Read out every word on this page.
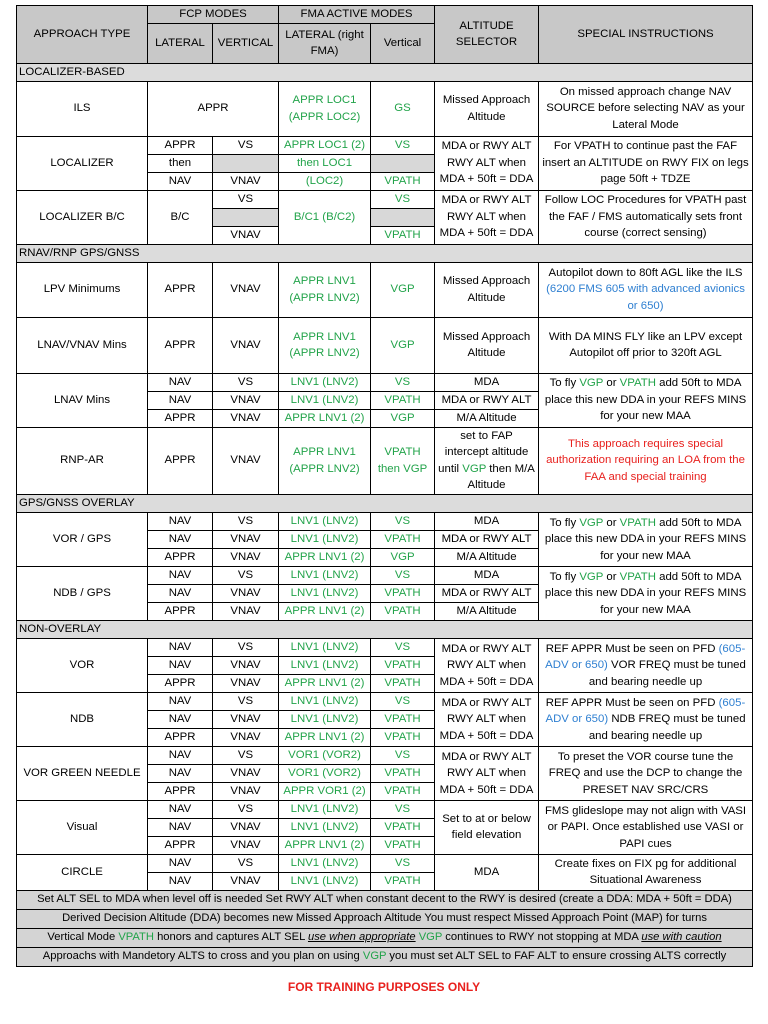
APPROACH TYPE	FCP MODES		FMA ACTIVE MODES		ALTITUDE SELECTOR	SPECIAL INSTRUCTIONS
	LATERAL	VERTICAL	LATERAL (right FMA)	Vertical		
LOCALIZER-BASED						
ILS	APPR		APPR LOC1 (APPR LOC2)	GS	Missed Approach Altitude	On missed approach change NAV SOURCE before selecting NAV as your Lateral Mode
LOCALIZER	APPR	VS	APPR LOC1 (2)	VS	MDA or RWY ALT RWY ALT when MDA + 50ft = DDA	For VPATH to continue past the FAF insert an ALTITUDE on RWY FIX on legs page 50ft + TDZE
	then		then LOC1			
	NAV	VNAV	(LOC2)	VPATH		
LOCALIZER B/C	B/C	VS	B/C1 (B/C2)	VS	MDA or RWY ALT RWY ALT when MDA + 50ft = DDA	Follow LOC Procedures for VPATH past the FAF / FMS automatically sets front course (correct sensing)

		VNAV		VPATH		
RNAV/RNP GPS/GNSS						
LPV Minimums	APPR	VNAV	APPR LNV1 (APPR LNV2)	VGP	Missed Approach Altitude	Autopilot down to 80ft AGL like the ILS (6200 FMS 605 with advanced avionics or 650)
LNAV/VNAV Mins	APPR	VNAV	APPR LNV1 (APPR LNV2)	VGP	Missed Approach Altitude	With DA MINS FLY like an LPV except Autopilot off prior to 320ft AGL
LNAV Mins	NAV	VS	LNV1 (LNV2)	VS	MDA	To fly VGP or VPATH add 50ft to MDA place this new DDA in your REFS MINS for your new MAA
	NAV	VNAV	LNV1 (LNV2)	VPATH	MDA or RWY ALT	
	APPR	VNAV	APPR LNV1 (2)	VGP	M/A Altitude	
RNP-AR	APPR	VNAV	APPR LNV1 (APPR LNV2)	VPATH then VGP	set to FAP intercept altitude until VGP then M/A Altitude	This approach requires special authorization requiring an LOA from the FAA and special training
GPS/GNSS OVERLAY						
VOR / GPS	NAV	VS	LNV1 (LNV2)	VS	MDA	To fly VGP or VPATH add 50ft to MDA place this new DDA in your REFS MINS for your new MAA
	NAV	VNAV	LNV1 (LNV2)	VPATH	MDA or RWY ALT	
	APPR	VNAV	APPR LNV1 (2)	VGP	M/A Altitude	
NDB / GPS	NAV	VS	LNV1 (LNV2)	VS	MDA	To fly VGP or VPATH add 50ft to MDA place this new DDA in your REFS MINS for your new MAA
	NAV	VNAV	LNV1 (LNV2)	VPATH	MDA or RWY ALT	
	APPR	VNAV	APPR LNV1 (2)	VPATH	M/A Altitude	
NON-OVERLAY						
VOR	NAV	VS	LNV1 (LNV2)	VS	MDA or RWY ALT RWY ALT when MDA + 50ft = DDA	REF APPR Must be seen on PFD (605-ADV or 650) VOR FREQ must be tuned and bearing needle up
	NAV	VNAV	LNV1 (LNV2)	VPATH		
	APPR	VNAV	APPR LNV1 (2)	VPATH		
NDB	NAV	VS	LNV1 (LNV2)	VS	MDA or RWY ALT RWY ALT when MDA + 50ft = DDA	REF APPR Must be seen on PFD (605-ADV or 650) NDB FREQ must be tuned and bearing needle up
	NAV	VNAV	LNV1 (LNV2)	VPATH		
	APPR	VNAV	APPR LNV1 (2)	VPATH		
VOR GREEN NEEDLE	NAV	VS	VOR1 (VOR2)	VS	MDA or RWY ALT RWY ALT when MDA + 50ft = DDA	To preset the VOR course tune the FREQ and use the DCP to change the PRESET NAV SRC/CRS
	NAV	VNAV	VOR1 (VOR2)	VPATH		
	APPR	VNAV	APPR VOR1 (2)	VPATH		
Visual	NAV	VS	LNV1 (LNV2)	VS	Set to at or below field elevation	FMS glideslope may not align with VASI or PAPI. Once established use VASI or PAPI cues
	NAV	VNAV	LNV1 (LNV2)	VPATH		
	APPR	VNAV	APPR LNV1 (2)	VPATH		
CIRCLE	NAV	VS	LNV1 (LNV2)	VS	MDA	Create fixes on FIX pg for additional Situational Awareness
	NAV	VNAV	LNV1 (LNV2)	VPATH		
Set ALT SEL to MDA when level off is needed Set RWY ALT when constant decent to the RWY is desired (create a DDA: MDA + 50ft = DDA)						
Derived Decision Altitude (DDA) becomes new Missed Approach Altitude You must respect Missed Approach Point (MAP) for turns						
Vertical Mode VPATH honors and captures ALT SEL use when appropriate VGP continues to RWY not stopping at MDA use with caution						
Approachs with Mandetory ALTS to cross and you plan on using VGP you must set ALT SEL to FAF ALT to ensure crossing ALTS correctly						
FOR TRAINING PURPOSES ONLY
